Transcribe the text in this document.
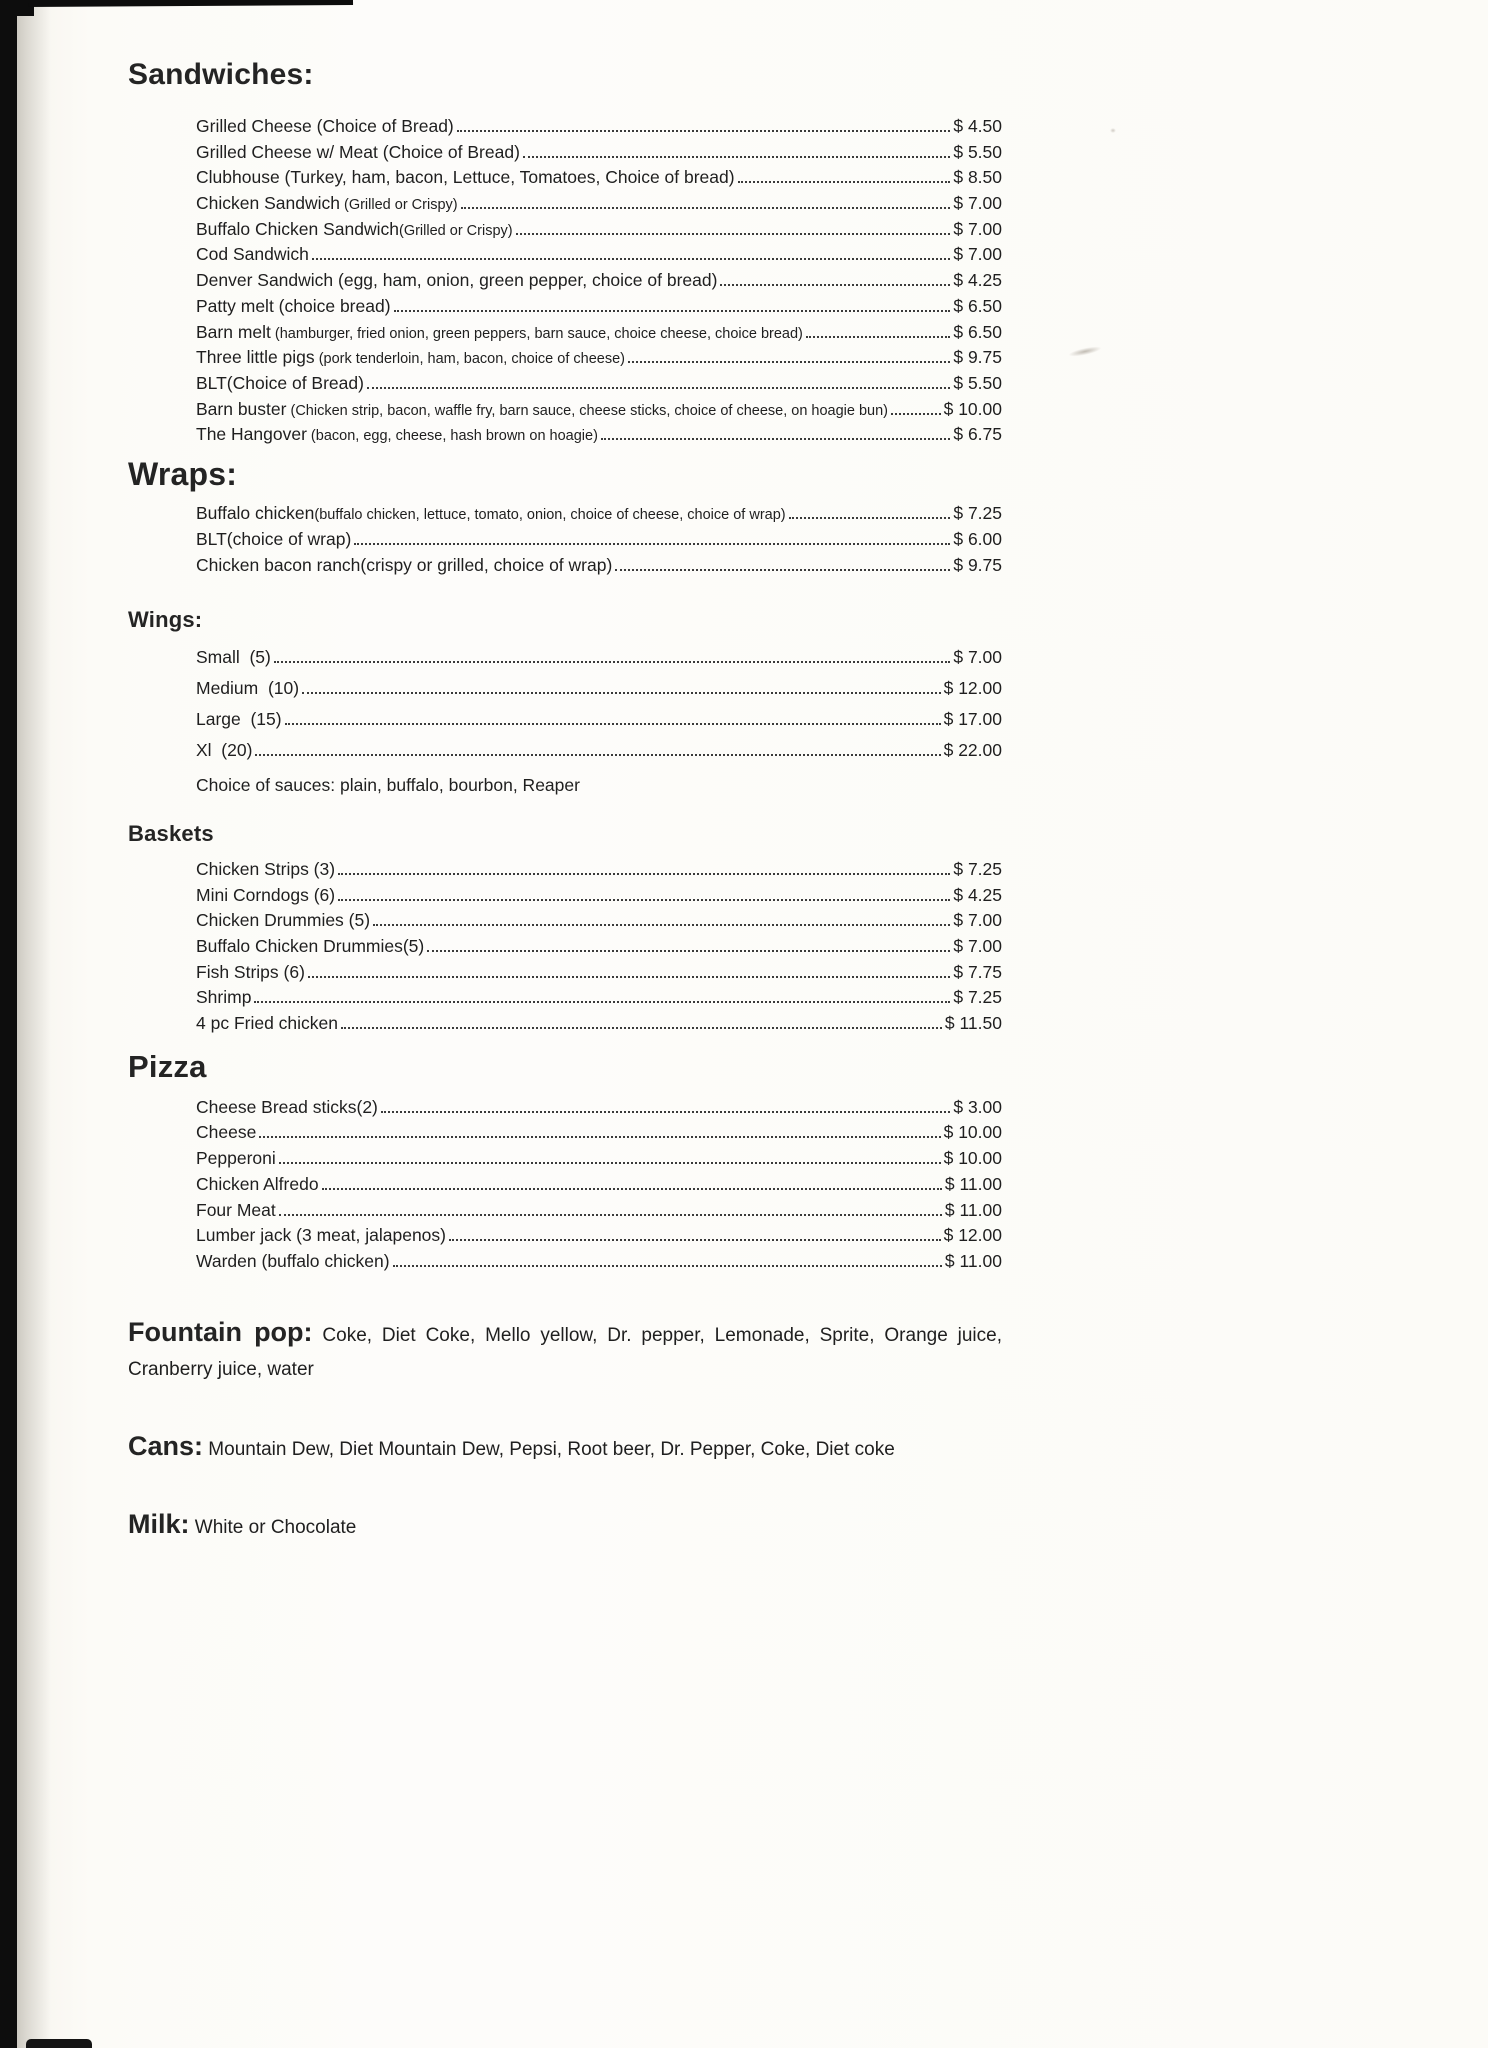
Sandwiches:
Grilled Cheese (Choice of Bread)	$ 4.50
Grilled Cheese w/ Meat (Choice of Bread)	$ 5.50
Clubhouse (Turkey, ham, bacon, Lettuce, Tomatoes, Choice of bread)	$ 8.50
Chicken Sandwich (Grilled or Crispy)	$ 7.00
Buffalo Chicken Sandwich (Grilled or Crispy)	$ 7.00
Cod Sandwich	$ 7.00
Denver Sandwich (egg, ham, onion, green pepper, choice of bread)	$ 4.25
Patty melt (choice bread)	$ 6.50
Barn melt (hamburger, fried onion, green peppers, barn sauce, choice cheese, choice bread)	$ 6.50
Three little pigs (pork tenderloin, ham, bacon, choice of cheese)	$ 9.75
BLT (Choice of Bread)	$ 5.50
Barn buster (Chicken strip, bacon, waffle fry, barn sauce, cheese sticks, choice of cheese, on hoagie bun)	$ 10.00
The Hangover (bacon, egg, cheese, hash brown on hoagie)	$ 6.75
Wraps:
Buffalo chicken (buffalo chicken, lettuce, tomato, onion, choice of cheese, choice of wrap)	$ 7.25
BLT (choice of wrap)	$ 6.00
Chicken bacon ranch (crispy or grilled, choice of wrap)	$ 9.75
Wings:
Small  (5)	$ 7.00
Medium  (10)	$ 12.00
Large  (15)	$ 17.00
Xl  (20)	$ 22.00
Choice of sauces: plain, buffalo, bourbon, Reaper
Baskets
Chicken Strips (3)	$ 7.25
Mini Corndogs (6)	$ 4.25
Chicken Drummies (5)	$ 7.00
Buffalo Chicken Drummies(5)	$ 7.00
Fish Strips (6)	$ 7.75
Shrimp	$ 7.25
4 pc Fried chicken	$ 11.50
Pizza
Cheese Bread sticks(2)	$ 3.00
Cheese	$ 10.00
Pepperoni	$ 10.00
Chicken Alfredo	$ 11.00
Four Meat	$ 11.00
Lumber jack (3 meat, jalapenos)	$ 12.00
Warden (buffalo chicken)	$ 11.00

Fountain pop: Coke, Diet Coke, Mello yellow, Dr. pepper, Lemonade, Sprite, Orange juice, Cranberry juice, water

Cans: Mountain Dew, Diet Mountain Dew, Pepsi, Root beer, Dr. Pepper, Coke, Diet coke

Milk: White or Chocolate
